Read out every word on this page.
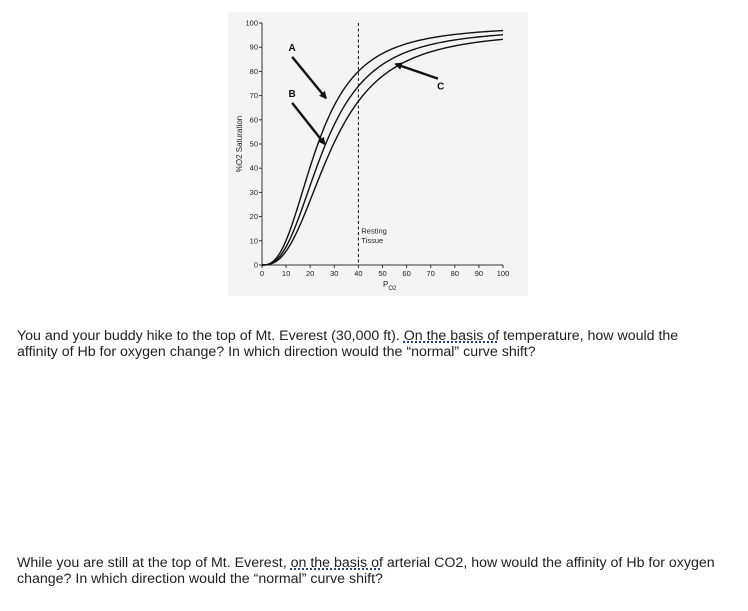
0
10
20
30
40
50
60
70
80
90
100
0 10 20 30 40 50 60 70 80 90 100
%O2 Saturation
$P_{O2}$
Resting
Tissue
A
B
C

You and your buddy hike to the top of Mt. Everest (30,000 ft). On the basis of temperature, how would the affinity of Hb for oxygen change? In which direction would the “normal” curve shift?

While you are still at the top of Mt. Everest, on the basis of arterial CO2, how would the affinity of Hb for oxygen change? In which direction would the “normal” curve shift?
